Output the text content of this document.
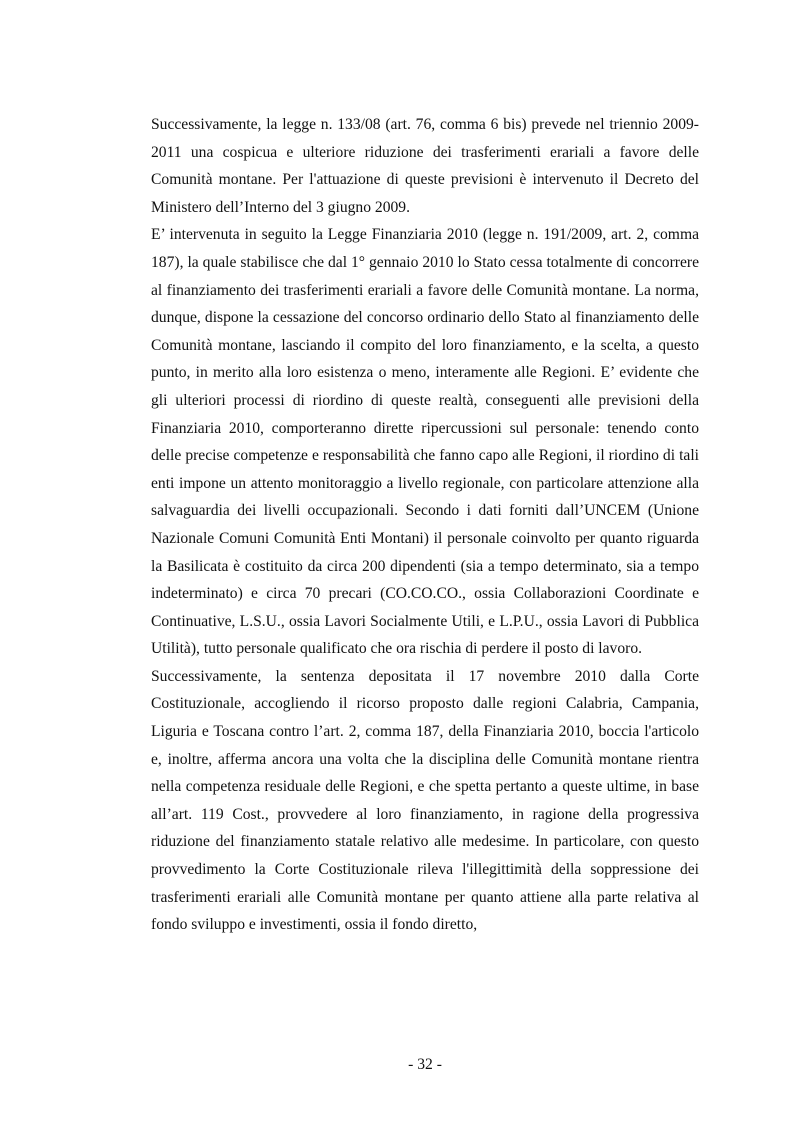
Successivamente, la legge n. 133/08 (art. 76, comma 6 bis) prevede nel triennio 2009-2011 una cospicua e ulteriore riduzione dei trasferimenti erariali a favore delle Comunità montane. Per l'attuazione di queste previsioni è intervenuto il Decreto del Ministero dell’Interno del 3 giugno 2009.

E’ intervenuta in seguito la Legge Finanziaria 2010 (legge n. 191/2009, art. 2, comma 187), la quale stabilisce che dal 1° gennaio 2010 lo Stato cessa totalmente di concorrere al finanziamento dei trasferimenti erariali a favore delle Comunità montane. La norma, dunque, dispone la cessazione del concorso ordinario dello Stato al finanziamento delle Comunità montane, lasciando il compito del loro finanziamento, e la scelta, a questo punto, in merito alla loro esistenza o meno, interamente alle Regioni. E’ evidente che gli ulteriori processi di riordino di queste realtà, conseguenti alle previsioni della Finanziaria 2010, comporteranno dirette ripercussioni sul personale: tenendo conto delle precise competenze e responsabilità che fanno capo alle Regioni, il riordino di tali enti impone un attento monitoraggio a livello regionale, con particolare attenzione alla salvaguardia dei livelli occupazionali. Secondo i dati forniti dall’UNCEM (Unione Nazionale Comuni Comunità Enti Montani) il personale coinvolto per quanto riguarda la Basilicata è costituito da circa 200 dipendenti (sia a tempo determinato, sia a tempo indeterminato) e circa 70 precari (CO.CO.CO., ossia Collaborazioni Coordinate e Continuative, L.S.U., ossia Lavori Socialmente Utili, e L.P.U., ossia Lavori di Pubblica Utilità), tutto personale qualificato che ora rischia di perdere il posto di lavoro.

Successivamente, la sentenza depositata il 17 novembre 2010 dalla Corte Costituzionale, accogliendo il ricorso proposto dalle regioni Calabria, Campania, Liguria e Toscana contro l’art. 2, comma 187, della Finanziaria 2010, boccia l'articolo e, inoltre, afferma ancora una volta che la disciplina delle Comunità montane rientra nella competenza residuale delle Regioni, e che spetta pertanto a queste ultime, in base all’art. 119 Cost., provvedere al loro finanziamento, in ragione della progressiva riduzione del finanziamento statale relativo alle medesime. In particolare, con questo provvedimento la Corte Costituzionale rileva l'illegittimità della soppressione dei trasferimenti erariali alle Comunità montane per quanto attiene alla parte relativa al fondo sviluppo e investimenti, ossia il fondo diretto,

- 32 -
